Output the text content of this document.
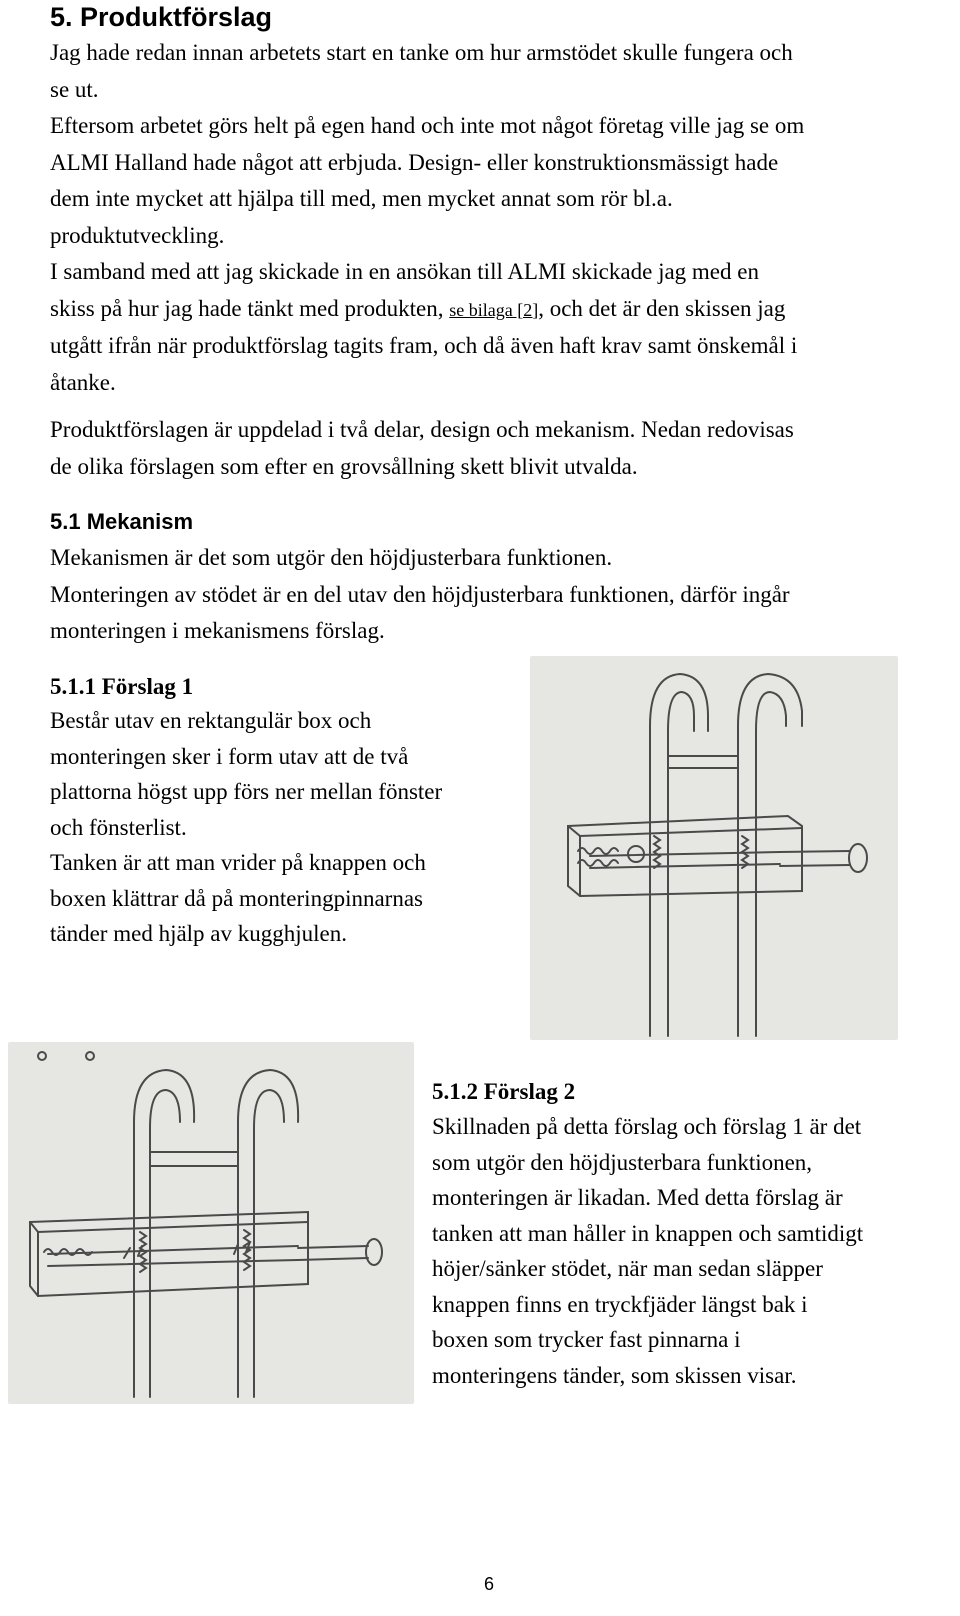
5. Produktförslag
Jag hade redan innan arbetets start en tanke om hur armstödet skulle fungera och
se ut.
Eftersom arbetet görs helt på egen hand och inte mot något företag ville jag se om
ALMI Halland hade något att erbjuda. Design- eller konstruktionsmässigt hade
dem inte mycket att hjälpa till med, men mycket annat som rör bl.a.
produktutveckling.
I samband med att jag skickade in en ansökan till ALMI skickade jag med en
skiss på hur jag hade tänkt med produkten, se bilaga [2], och det är den skissen jag
utgått ifrån när produktförslag tagits fram, och då även haft krav samt önskemål i
åtanke.
Produktförslagen är uppdelad i två delar, design och mekanism. Nedan redovisas
de olika förslagen som efter en grovsållning skett blivit utvalda.
5.1 Mekanism
Mekanismen är det som utgör den höjdjusterbara funktionen.
Monteringen av stödet är en del utav den höjdjusterbara funktionen, därför ingår
monteringen i mekanismens förslag.
5.1.1 Förslag 1
Består utav en rektangulär box och
monteringen sker i form utav att de två
plattorna högst upp förs ner mellan fönster
och fönsterlist.
Tanken är att man vrider på knappen och
boxen klättrar då på monteringpinnarnas
tänder med hjälp av kugghjulen.
5.1.2 Förslag 2
Skillnaden på detta förslag och förslag 1 är det
som utgör den höjdjusterbara funktionen,
monteringen är likadan. Med detta förslag är
tanken att man håller in knappen och samtidigt
höjer/sänker stödet, när man sedan släpper
knappen finns en tryckfjäder längst bak i
boxen som trycker fast pinnarna i
monteringens tänder, som skissen visar.
6
